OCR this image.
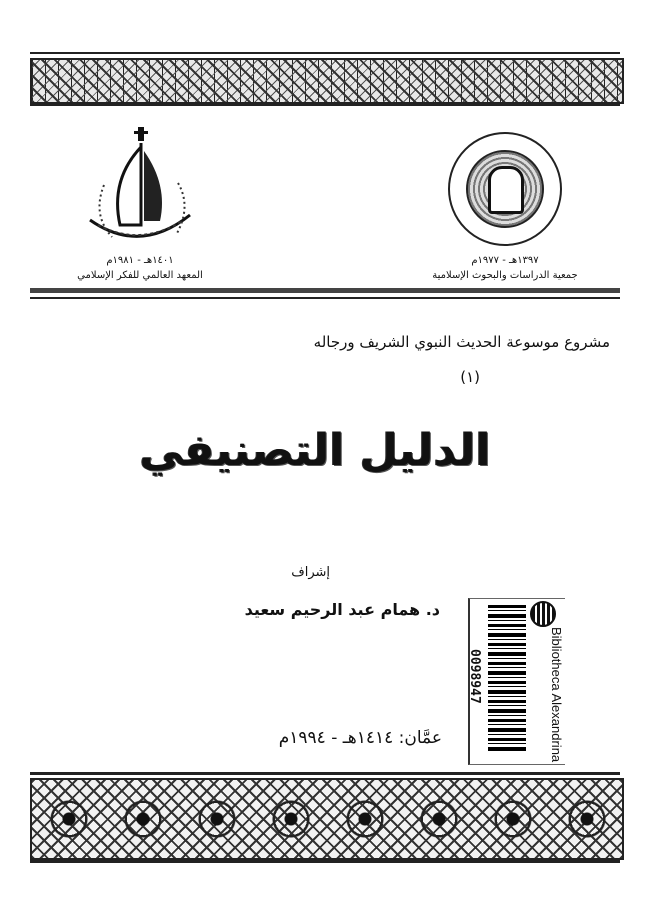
١٣٩٧هـ - ١٩٧٧م
جمعية الدراسات والبحوث الإسلامية
١٤٠١هـ - ١٩٨١م
المعهد العالمي للفكر الإسلامي
مشروع موسوعة الحديث النبوي الشريف ورجاله
(١)
الدليل التصنيفي
إشراف
د. همام عبد الرحيم سعيد
عمَّان: ١٤١٤هـ - ١٩٩٤م
0098947	Bibliotheca Alexandrina
